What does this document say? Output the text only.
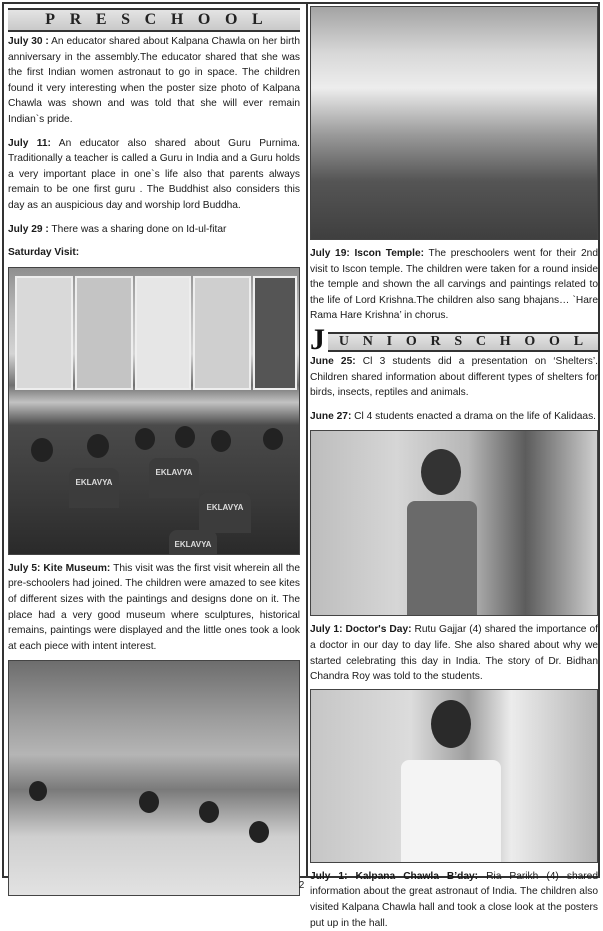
P R E S C H O O L

July 30 : An educator shared about Kalpana Chawla on her birth anniversary in the assembly.The educator shared that she was the first Indian women astronaut to go in space. The children found it very interesting when the poster size photo of Kalpana Chawla was shown and was told that she will ever remain Indian`s pride.

July 11: An educator also shared about Guru Purnima. Traditionally a teacher is called a Guru in India and a Guru holds a very important place in one`s life also that parents always remain to be one first guru . The Buddhist also considers this day as an auspicious day and worship lord Buddha.

July 29 : There was a sharing done on Id-ul-fitar

Saturday Visit:

EKLAVYA
EKLAVYA
EKLAVYA
EKLAVYA

July 5: Kite Museum: This visit was the first visit wherein all the pre-schoolers had joined. The children were amazed to see kites of different sizes with the paintings and designs done on it. The place had a very good museum where sculptures, historical remains, paintings were displayed and the little ones took a look at each piece with intent interest.

July 19: Iscon Temple: The preschoolers went for their 2nd visit to Iscon temple. The children were taken for a round inside the temple and shown the all carvings and paintings related to the life of Lord Krishna.The children also sang bhajans… `Hare Rama Hare Krishna’ in chorus.

J U N I O R S C H O O L

June 25: Cl 3 students did a presentation on ‘Shelters’. Children shared information about different types of shelters for birds, insects, reptiles and animals.

June 27: Cl 4 students enacted a drama on the life of Kalidaas.

July 1: Doctor's Day: Rutu Gajjar (4) shared the importance of a doctor in our day to day life. She also shared about why we started celebrating this day in India. The story of Dr. Bidhan Chandra Roy was told to the students.

July 1: Kalpana Chawla B’day: Ria Parikh (4) shared information about the great astronaut of India. The children also visited Kalpana Chawla hall and took a close look at the posters put up in the hall.

2
